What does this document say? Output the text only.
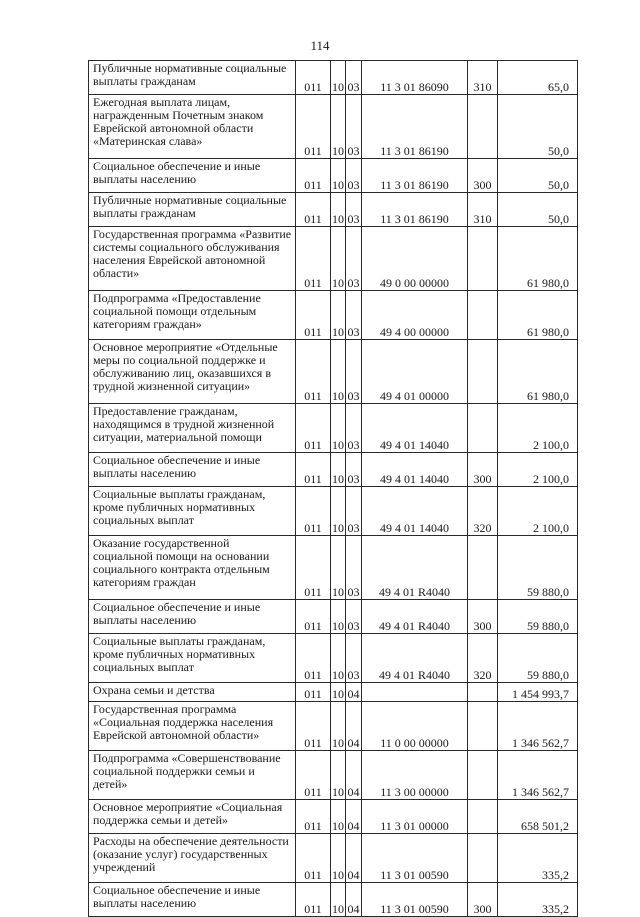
114
Публичные нормативные социальные выплаты гражданам	011	10	03	11 3 01 86090	310	65,0
Ежегодная выплата лицам, награжденным Почетным знаком Еврейской автономной области «Материнская слава»	011	10	03	11 3 01 86190		50,0
Социальное обеспечение и иные выплаты населению	011	10	03	11 3 01 86190	300	50,0
Публичные нормативные социальные выплаты гражданам	011	10	03	11 3 01 86190	310	50,0
Государственная программа «Развитие системы социального обслуживания населения Еврейской автономной области»	011	10	03	49 0 00 00000		61 980,0
Подпрограмма «Предоставление социальной помощи отдельным категориям граждан»	011	10	03	49 4 00 00000		61 980,0
Основное мероприятие «Отдельные меры по социальной поддержке и обслуживанию лиц, оказавшихся в трудной жизненной ситуации»	011	10	03	49 4 01 00000		61 980,0
Предоставление гражданам, находящимся в трудной жизненной ситуации, материальной помощи	011	10	03	49 4 01 14040		2 100,0
Социальное обеспечение и иные выплаты населению	011	10	03	49 4 01 14040	300	2 100,0
Социальные выплаты гражданам, кроме публичных нормативных социальных выплат	011	10	03	49 4 01 14040	320	2 100,0
Оказание государственной социальной помощи на основании социального контракта отдельным категориям граждан	011	10	03	49 4 01 R4040		59 880,0
Социальное обеспечение и иные выплаты населению	011	10	03	49 4 01 R4040	300	59 880,0
Социальные выплаты гражданам, кроме публичных нормативных социальных выплат	011	10	03	49 4 01 R4040	320	59 880,0
Охрана семьи и детства	011	10	04			1 454 993,7
Государственная программа «Социальная поддержка населения Еврейской автономной области»	011	10	04	11 0 00 00000		1 346 562,7
Подпрограмма «Совершенствование социальной поддержки семьи и детей»	011	10	04	11 3 00 00000		1 346 562,7
Основное мероприятие «Социальная поддержка семьи и детей»	011	10	04	11 3 01 00000		658 501,2
Расходы на обеспечение деятельности (оказание услуг) государственных учреждений	011	10	04	11 3 01 00590		335,2
Социальное обеспечение и иные выплаты населению	011	10	04	11 3 01 00590	300	335,2
